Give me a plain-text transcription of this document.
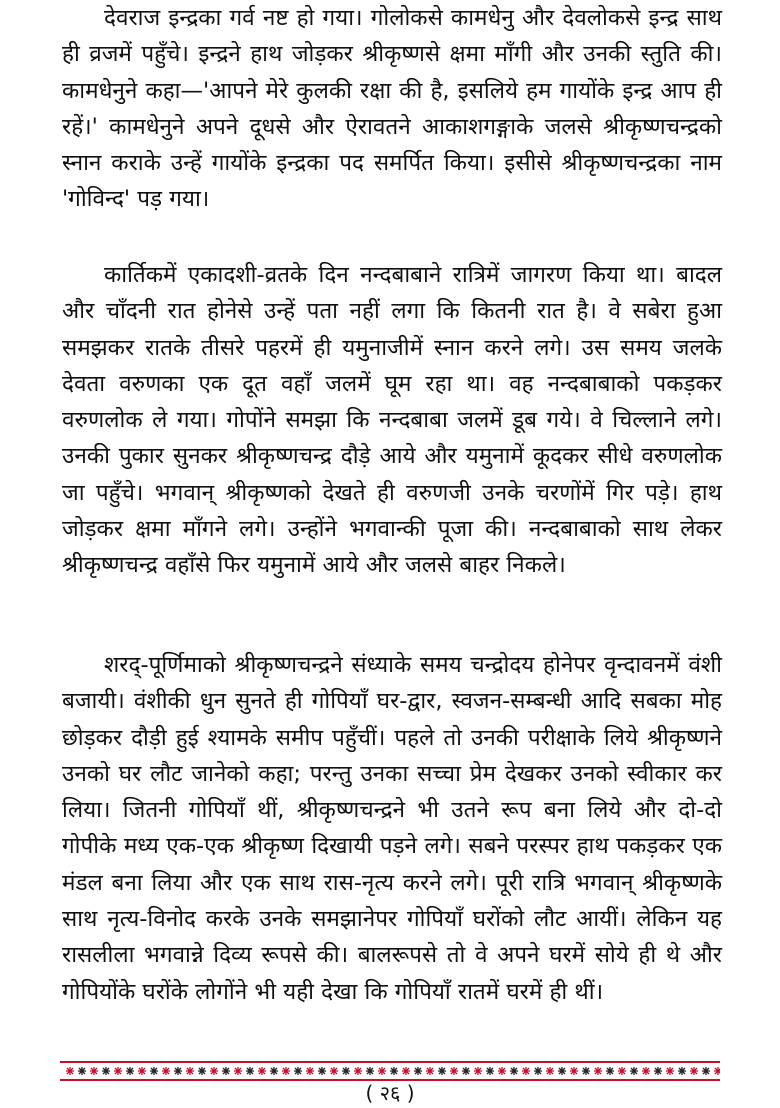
देवराज इन्द्रका गर्व नष्ट हो गया। गोलोकसे कामधेनु और देवलोकसे इन्द्र साथ ही व्रजमें पहुँचे। इन्द्रने हाथ जोड़कर श्रीकृष्णसे क्षमा माँगी और उनकी स्तुति की। कामधेनुने कहा—'आपने मेरे कुलकी रक्षा की है, इसलिये हम गायोंके इन्द्र आप ही रहें।' कामधेनुने अपने दूधसे और ऐरावतने आकाशगङ्गाके जलसे श्रीकृष्णचन्द्रको स्नान कराके उन्हें गायोंके इन्द्रका पद समर्पित किया। इसीसे श्रीकृष्णचन्द्रका नाम 'गोविन्द' पड़ गया।

कार्तिकमें एकादशी-व्रतके दिन नन्दबाबाने रात्रिमें जागरण किया था। बादल और चाँदनी रात होनेसे उन्हें पता नहीं लगा कि कितनी रात है। वे सबेरा हुआ समझकर रातके तीसरे पहरमें ही यमुनाजीमें स्नान करने लगे। उस समय जलके देवता वरुणका एक दूत वहाँ जलमें घूम रहा था। वह नन्दबाबाको पकड़कर वरुणलोक ले गया। गोपोंने समझा कि नन्दबाबा जलमें डूब गये। वे चिल्लाने लगे। उनकी पुकार सुनकर श्रीकृष्णचन्द्र दौड़े आये और यमुनामें कूदकर सीधे वरुणलोक जा पहुँचे। भगवान् श्रीकृष्णको देखते ही वरुणजी उनके चरणोंमें गिर पड़े। हाथ जोड़कर क्षमा माँगने लगे। उन्होंने भगवान्की पूजा की। नन्दबाबाको साथ लेकर श्रीकृष्णचन्द्र वहाँसे फिर यमुनामें आये और जलसे बाहर निकले।

शरद्-पूर्णिमाको श्रीकृष्णचन्द्रने संध्याके समय चन्द्रोदय होनेपर वृन्दावनमें वंशी बजायी। वंशीकी धुन सुनते ही गोपियाँ घर-द्वार, स्वजन-सम्बन्धी आदि सबका मोह छोड़कर दौड़ी हुई श्यामके समीप पहुँचीं। पहले तो उनकी परीक्षाके लिये श्रीकृष्णने उनको घर लौट जानेको कहा; परन्तु उनका सच्चा प्रेम देखकर उनको स्वीकार कर लिया। जितनी गोपियाँ थीं, श्रीकृष्णचन्द्रने भी उतने रूप बना लिये और दो-दो गोपीके मध्य एक-एक श्रीकृष्ण दिखायी पड़ने लगे। सबने परस्पर हाथ पकड़कर एक मंडल बना लिया और एक साथ रास-नृत्य करने लगे। पूरी रात्रि भगवान् श्रीकृष्णके साथ नृत्य-विनोद करके उनके समझानेपर गोपियाँ घरोंको लौट आयीं। लेकिन यह रासलीला भगवान्ने दिव्य रूपसे की। बालरूपसे तो वे अपने घरमें सोये ही थे और गोपियोंके घरोंके लोगोंने भी यही देखा कि गोपियाँ रातमें घरमें ही थीं।

( २६ )
